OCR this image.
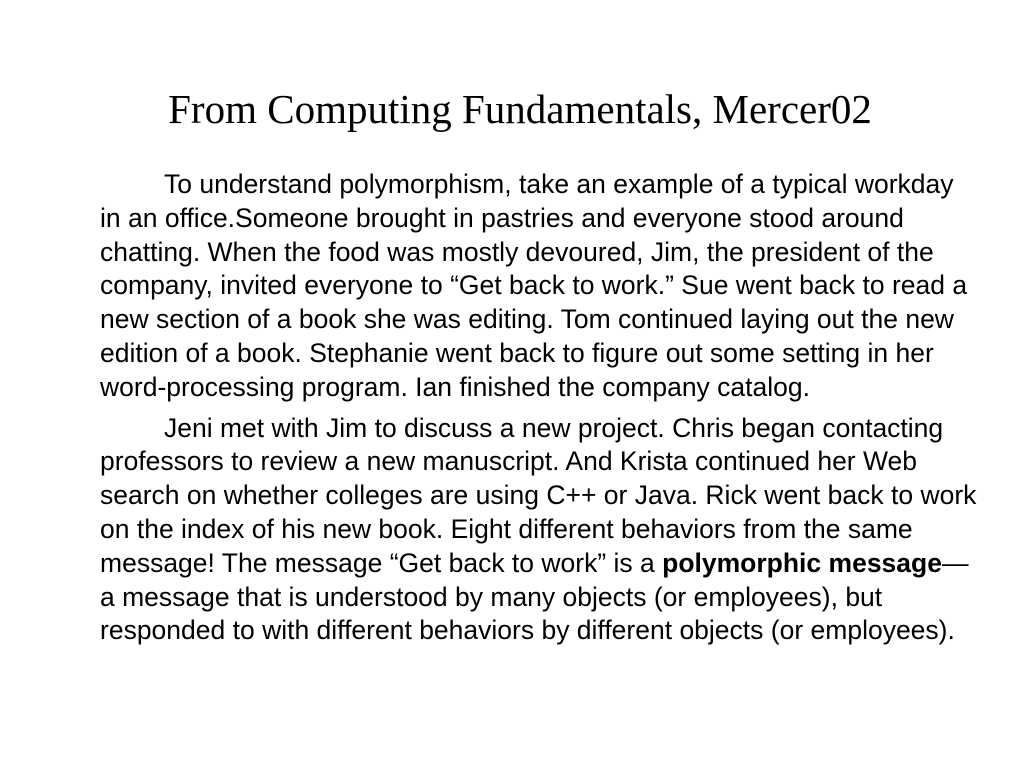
From Computing Fundamentals, Mercer02

To understand polymorphism, take an example of a typical workday in an office.Someone brought in pastries and everyone stood around chatting. When the food was mostly devoured, Jim, the president of the company, invited everyone to “Get back to work.” Sue went back to read a new section of a book she was editing. Tom continued laying out the new edition of a book. Stephanie went back to figure out some setting in her word-processing program. Ian finished the company catalog.

Jeni met with Jim to discuss a new project. Chris began contacting professors to review a new manuscript. And Krista continued her Web search on whether colleges are using C++ or Java. Rick went back to work on the index of his new book. Eight different behaviors from the same message! The message “Get back to work” is a polymorphic message—a message that is understood by many objects (or employees), but responded to with different behaviors by different objects (or employees).
